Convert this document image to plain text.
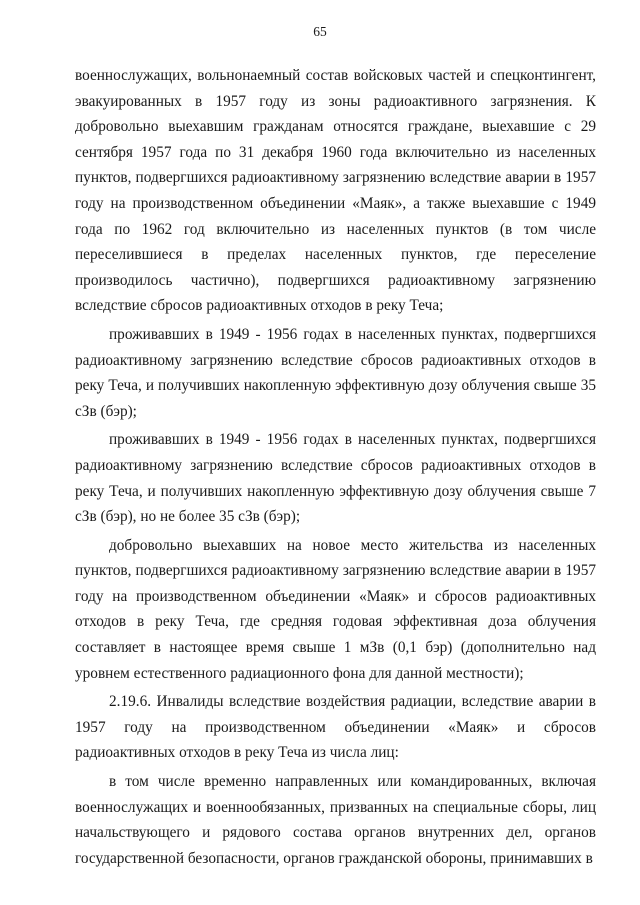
65

военнослужащих, вольнонаемный состав войсковых частей и спецконтингент, эвакуированных в 1957 году из зоны радиоактивного загрязнения. К добровольно выехавшим гражданам относятся граждане, выехавшие с 29 сентября 1957 года по 31 декабря 1960 года включительно из населенных пунктов, подвергшихся радиоактивному загрязнению вследствие аварии в 1957 году на производственном объединении «Маяк», а также выехавшие с 1949 года по 1962 год включительно из населенных пунктов (в том числе переселившиеся в пределах населенных пунктов, где переселение производилось частично), подвергшихся радиоактивному загрязнению вследствие сбросов радиоактивных отходов в реку Теча;

проживавших в 1949 - 1956 годах в населенных пунктах, подвергшихся радиоактивному загрязнению вследствие сбросов радиоактивных отходов в реку Теча, и получивших накопленную эффективную дозу облучения свыше 35 сЗв (бэр);

проживавших в 1949 - 1956 годах в населенных пунктах, подвергшихся радиоактивному загрязнению вследствие сбросов радиоактивных отходов в реку Теча, и получивших накопленную эффективную дозу облучения свыше 7 сЗв (бэр), но не более 35 сЗв (бэр);

добровольно выехавших на новое место жительства из населенных пунктов, подвергшихся радиоактивному загрязнению вследствие аварии в 1957 году на производственном объединении «Маяк» и сбросов радиоактивных отходов в реку Теча, где средняя годовая эффективная доза облучения составляет в настоящее время свыше 1 мЗв (0,1 бэр) (дополнительно над уровнем естественного радиационного фона для данной местности);

2.19.6. Инвалиды вследствие воздействия радиации, вследствие аварии в 1957 году на производственном объединении «Маяк» и сбросов радиоактивных отходов в реку Теча из числа лиц:

в том числе временно направленных или командированных, включая военнослужащих и военнообязанных, призванных на специальные сборы, лиц начальствующего и рядового состава органов внутренних дел, органов государственной безопасности, органов гражданской обороны, принимавших в
